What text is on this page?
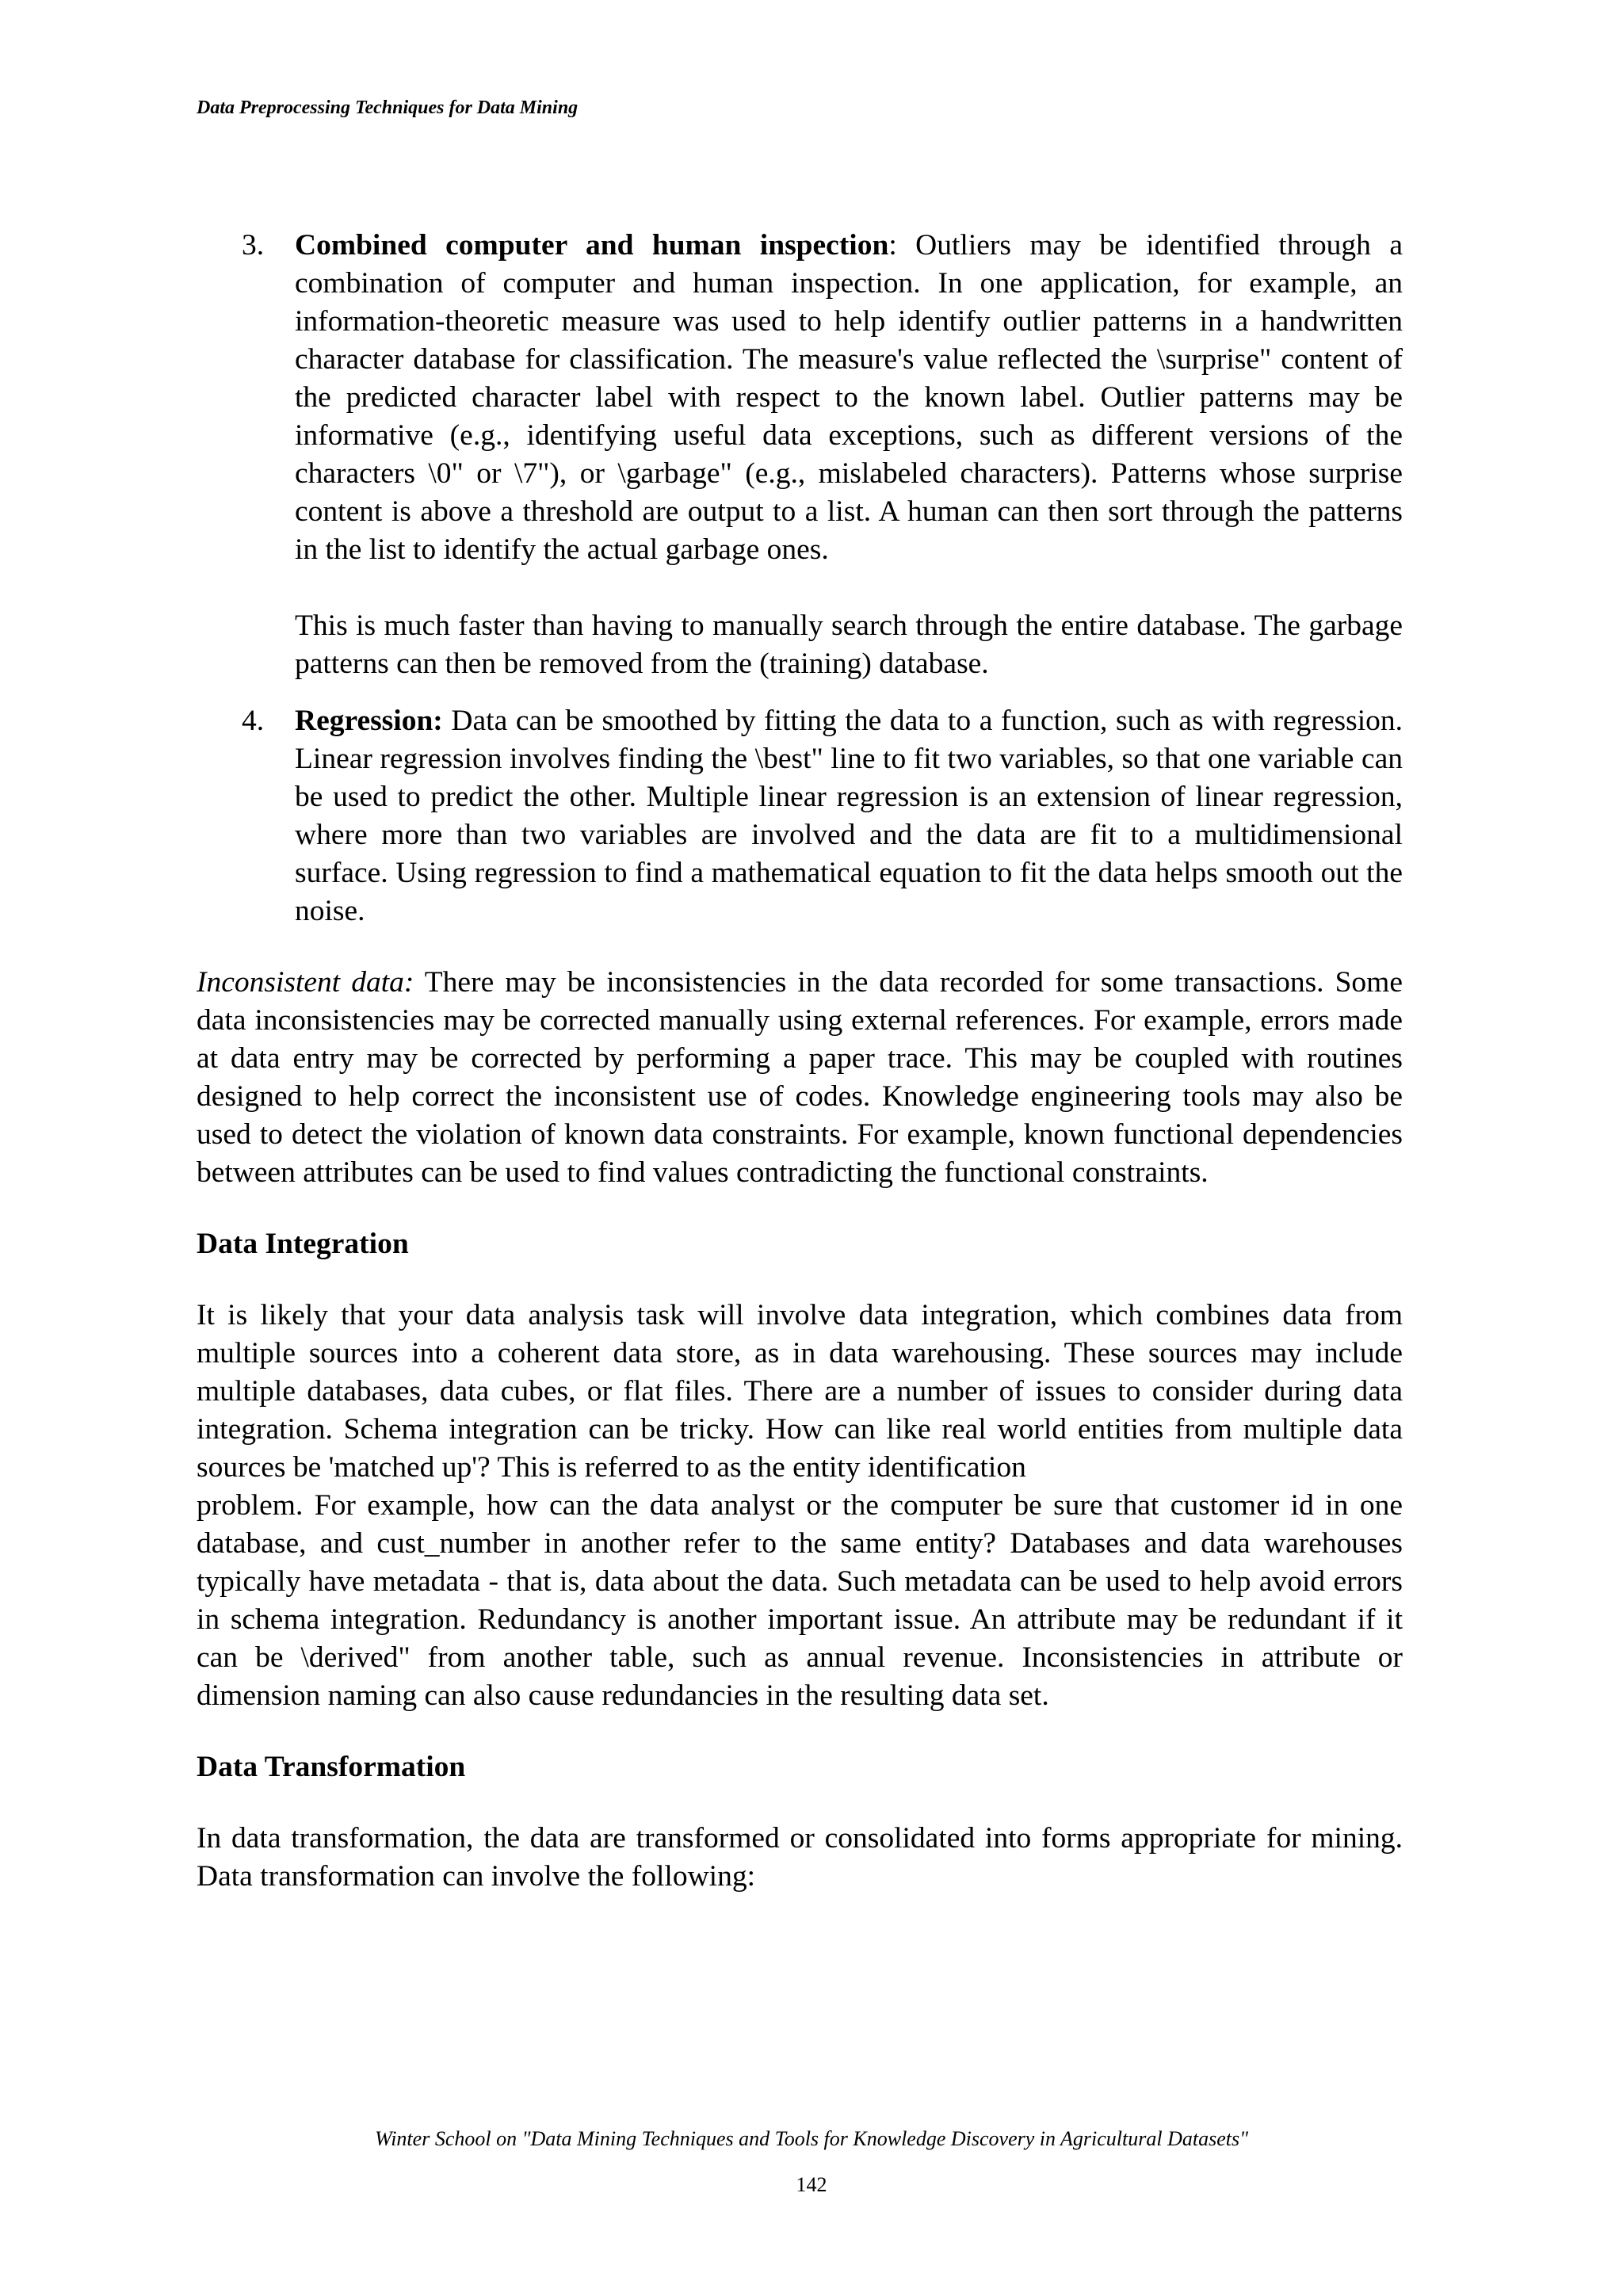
Data Preprocessing Techniques for Data Mining
3. Combined computer and human inspection: Outliers may be identified through a combination of computer and human inspection. In one application, for example, an information-theoretic measure was used to help identify outlier patterns in a handwritten character database for classification. The measure's value reflected the \surprise" content of the predicted character label with respect to the known label. Outlier patterns may be informative (e.g., identifying useful data exceptions, such as different versions of the characters \0" or \7"), or \garbage" (e.g., mislabeled characters). Patterns whose surprise content is above a threshold are output to a list. A human can then sort through the patterns in the list to identify the actual garbage ones.

This is much faster than having to manually search through the entire database. The garbage patterns can then be removed from the (training) database.

4. Regression: Data can be smoothed by fitting the data to a function, such as with regression. Linear regression involves finding the \best" line to fit two variables, so that one variable can be used to predict the other. Multiple linear regression is an extension of linear regression, where more than two variables are involved and the data are fit to a multidimensional surface. Using regression to find a mathematical equation to fit the data helps smooth out the noise.

Inconsistent data: There may be inconsistencies in the data recorded for some transactions. Some data inconsistencies may be corrected manually using external references. For example, errors made at data entry may be corrected by performing a paper trace. This may be coupled with routines designed to help correct the inconsistent use of codes. Knowledge engineering tools may also be used to detect the violation of known data constraints. For example, known functional dependencies between attributes can be used to find values contradicting the functional constraints.

Data Integration

It is likely that your data analysis task will involve data integration, which combines data from multiple sources into a coherent data store, as in data warehousing. These sources may include multiple databases, data cubes, or flat files. There are a number of issues to consider during data integration. Schema integration can be tricky. How can like real world entities from multiple data sources be 'matched up'? This is referred to as the entity identification

problem. For example, how can the data analyst or the computer be sure that customer id in one database, and cust_number in another refer to the same entity? Databases and data warehouses typically have metadata - that is, data about the data. Such metadata can be used to help avoid errors in schema integration. Redundancy is another important issue. An attribute may be redundant if it can be \derived" from another table, such as annual revenue. Inconsistencies in attribute or dimension naming can also cause redundancies in the resulting data set.

Data Transformation

In data transformation, the data are transformed or consolidated into forms appropriate for mining. Data transformation can involve the following:

Winter School on "Data Mining Techniques and Tools for Knowledge Discovery in Agricultural Datasets"
142
